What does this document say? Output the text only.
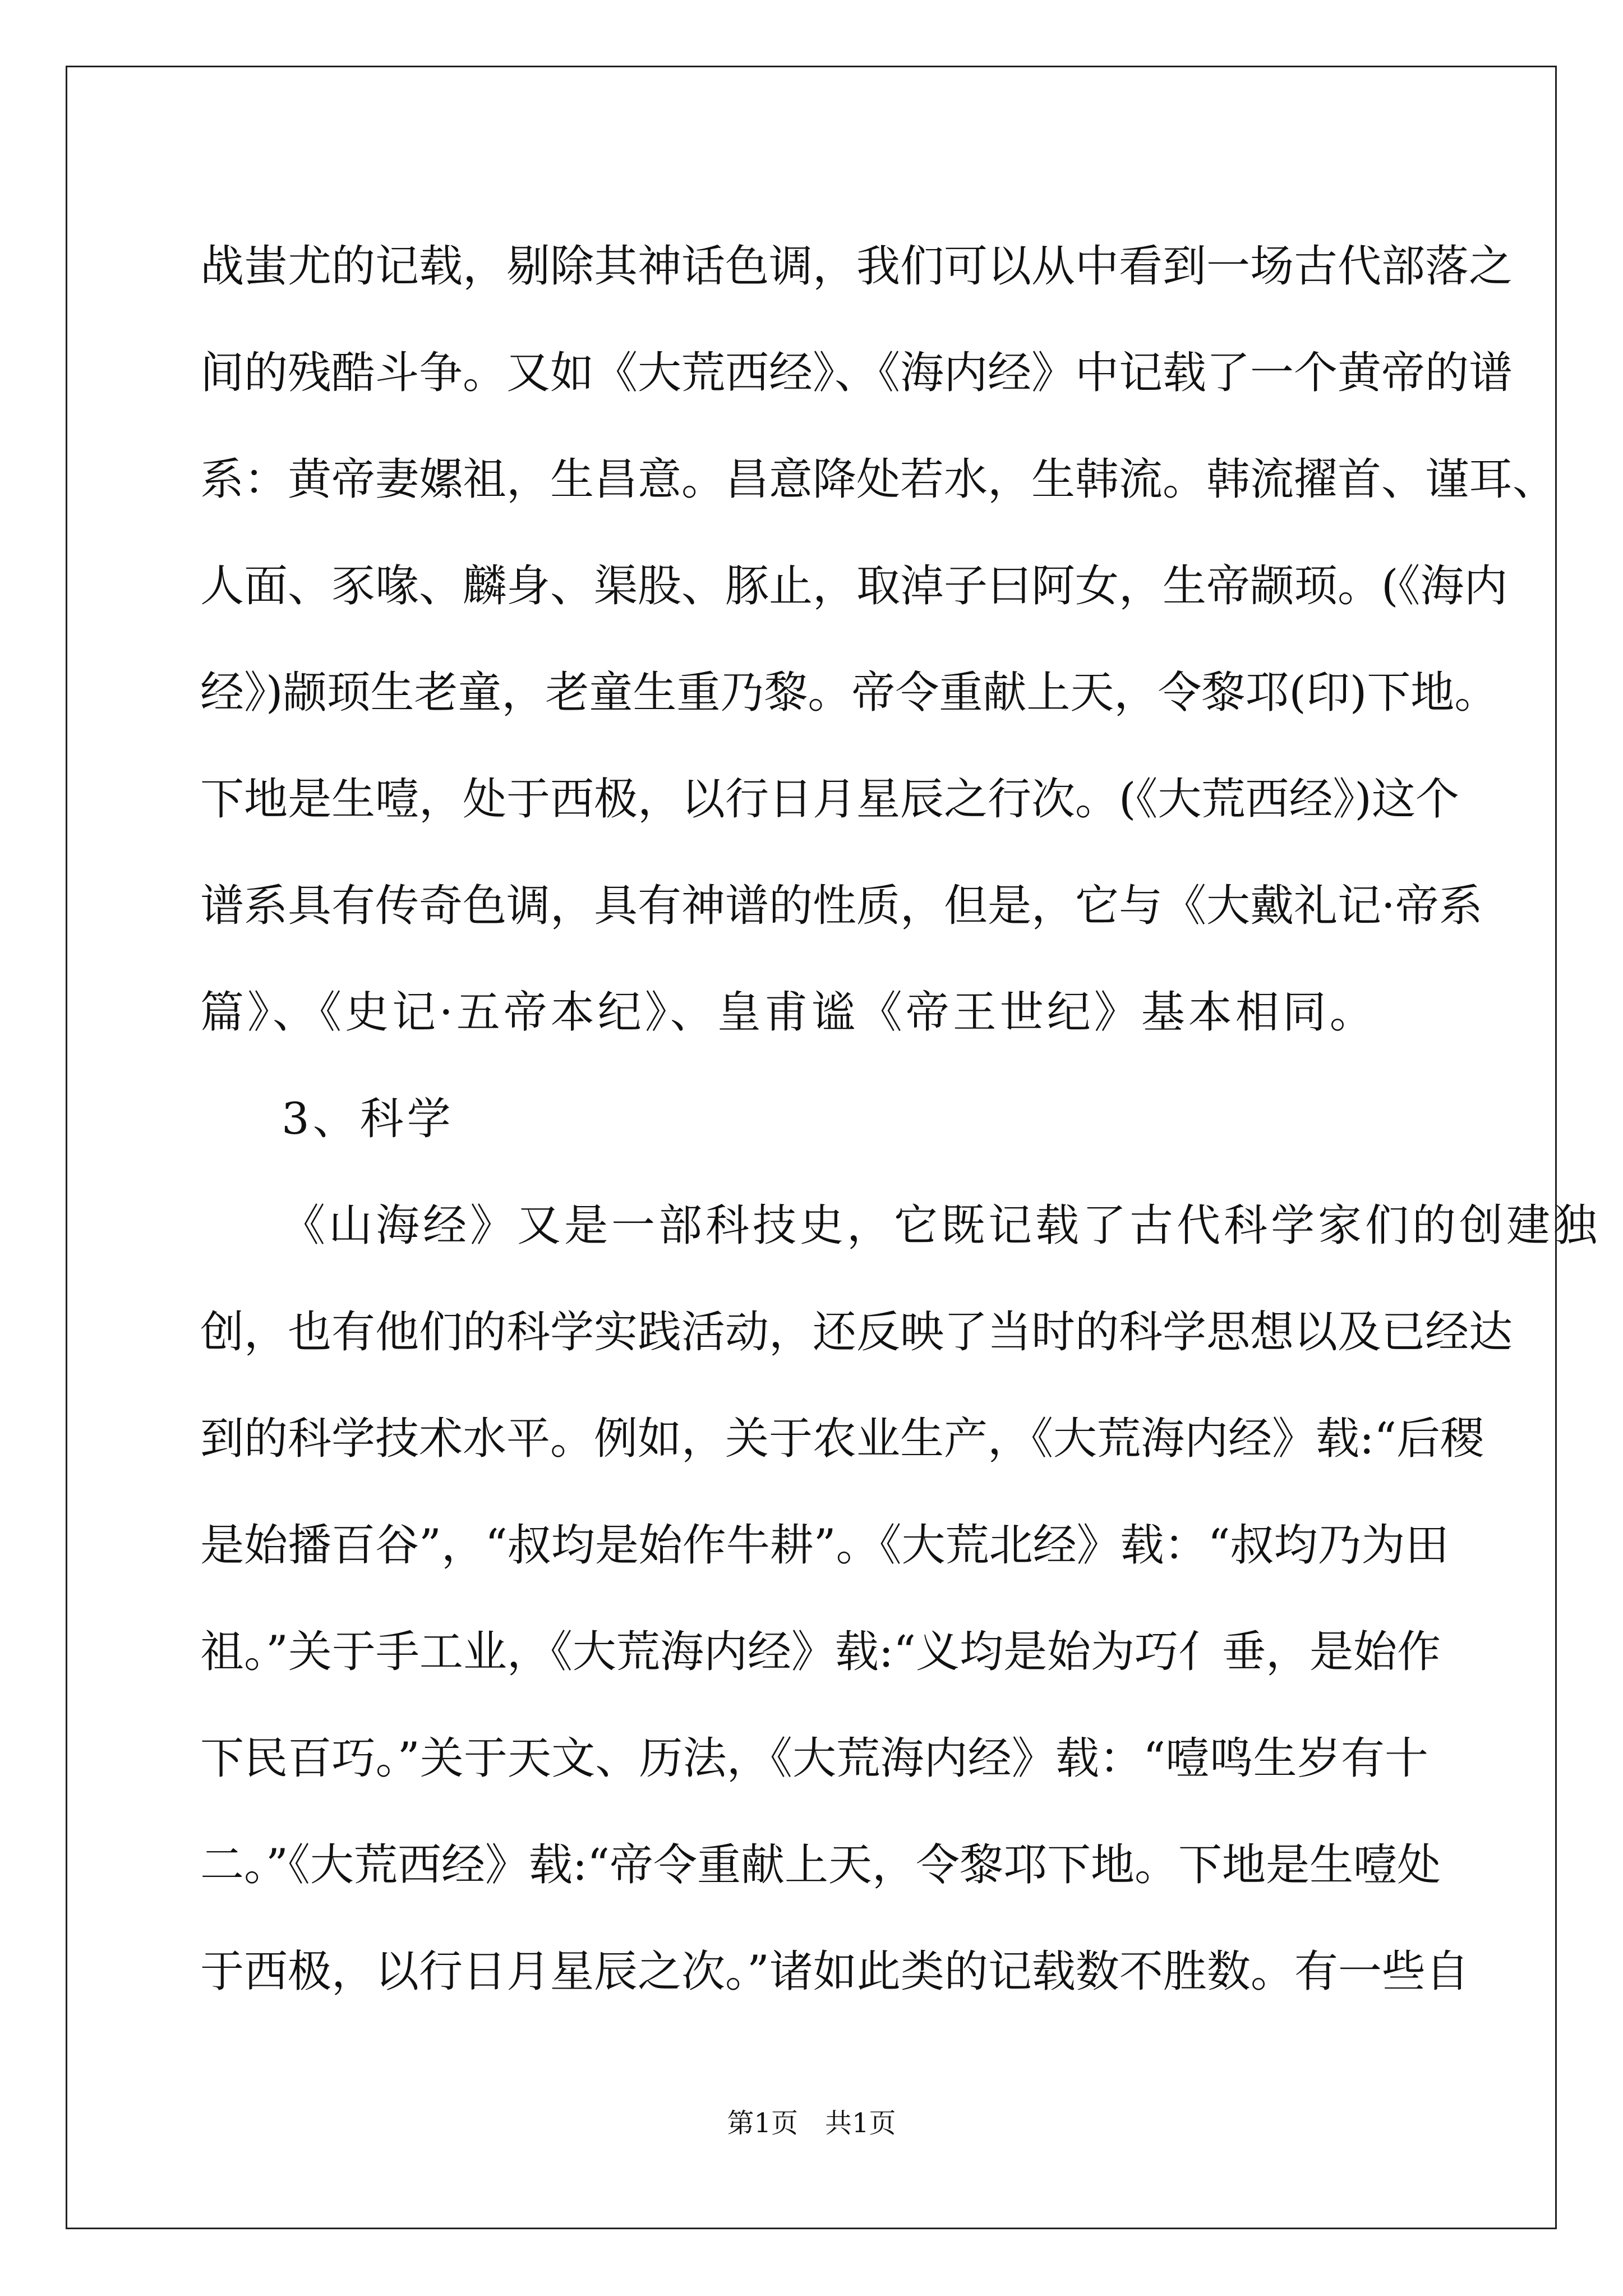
战蚩尤的记载，剔除其神话色调，我们可以从中看到一场古代部落之
间的残酷斗争。又如《大荒西经》、《海内经》中记载了一个黄帝的谱
系：黄帝妻嫘祖，生昌意。昌意降处若水，生韩流。韩流擢首、谨耳、
人面、豕喙、麟身、渠股、豚止，取淖子曰阿女，生帝颛顼。(《海内
经》)颛顼生老童，老童生重乃黎。帝令重献上天，令黎邛(印)下地。
下地是生噎，处于西极，以行日月星辰之行次。(《大荒西经》)这个
谱系具有传奇色调，具有神谱的性质，但是，它与《大戴礼记·帝系
篇》、《史记·五帝本纪》、皇甫谧《帝王世纪》基本相同。
3、科学
《山海经》又是一部科技史，它既记载了古代科学家们的创建独
创，也有他们的科学实践活动，还反映了当时的科学思想以及已经达
到的科学技术水平。例如，关于农业生产，《大荒海内经》载:“后稷
是始播百谷”，“叔均是始作牛耕”。《大荒北经》载：“叔均乃为田
祖。”关于手工业，《大荒海内经》载:“义均是始为巧亻垂，是始作
下民百巧。”关于天文、历法，《大荒海内经》载：“噎鸣生岁有十
二。”《大荒西经》载:“帝令重献上天，令黎邛下地。下地是生噎处
于西极，以行日月星辰之次。”诸如此类的记载数不胜数。有一些自
第1页 共1页
